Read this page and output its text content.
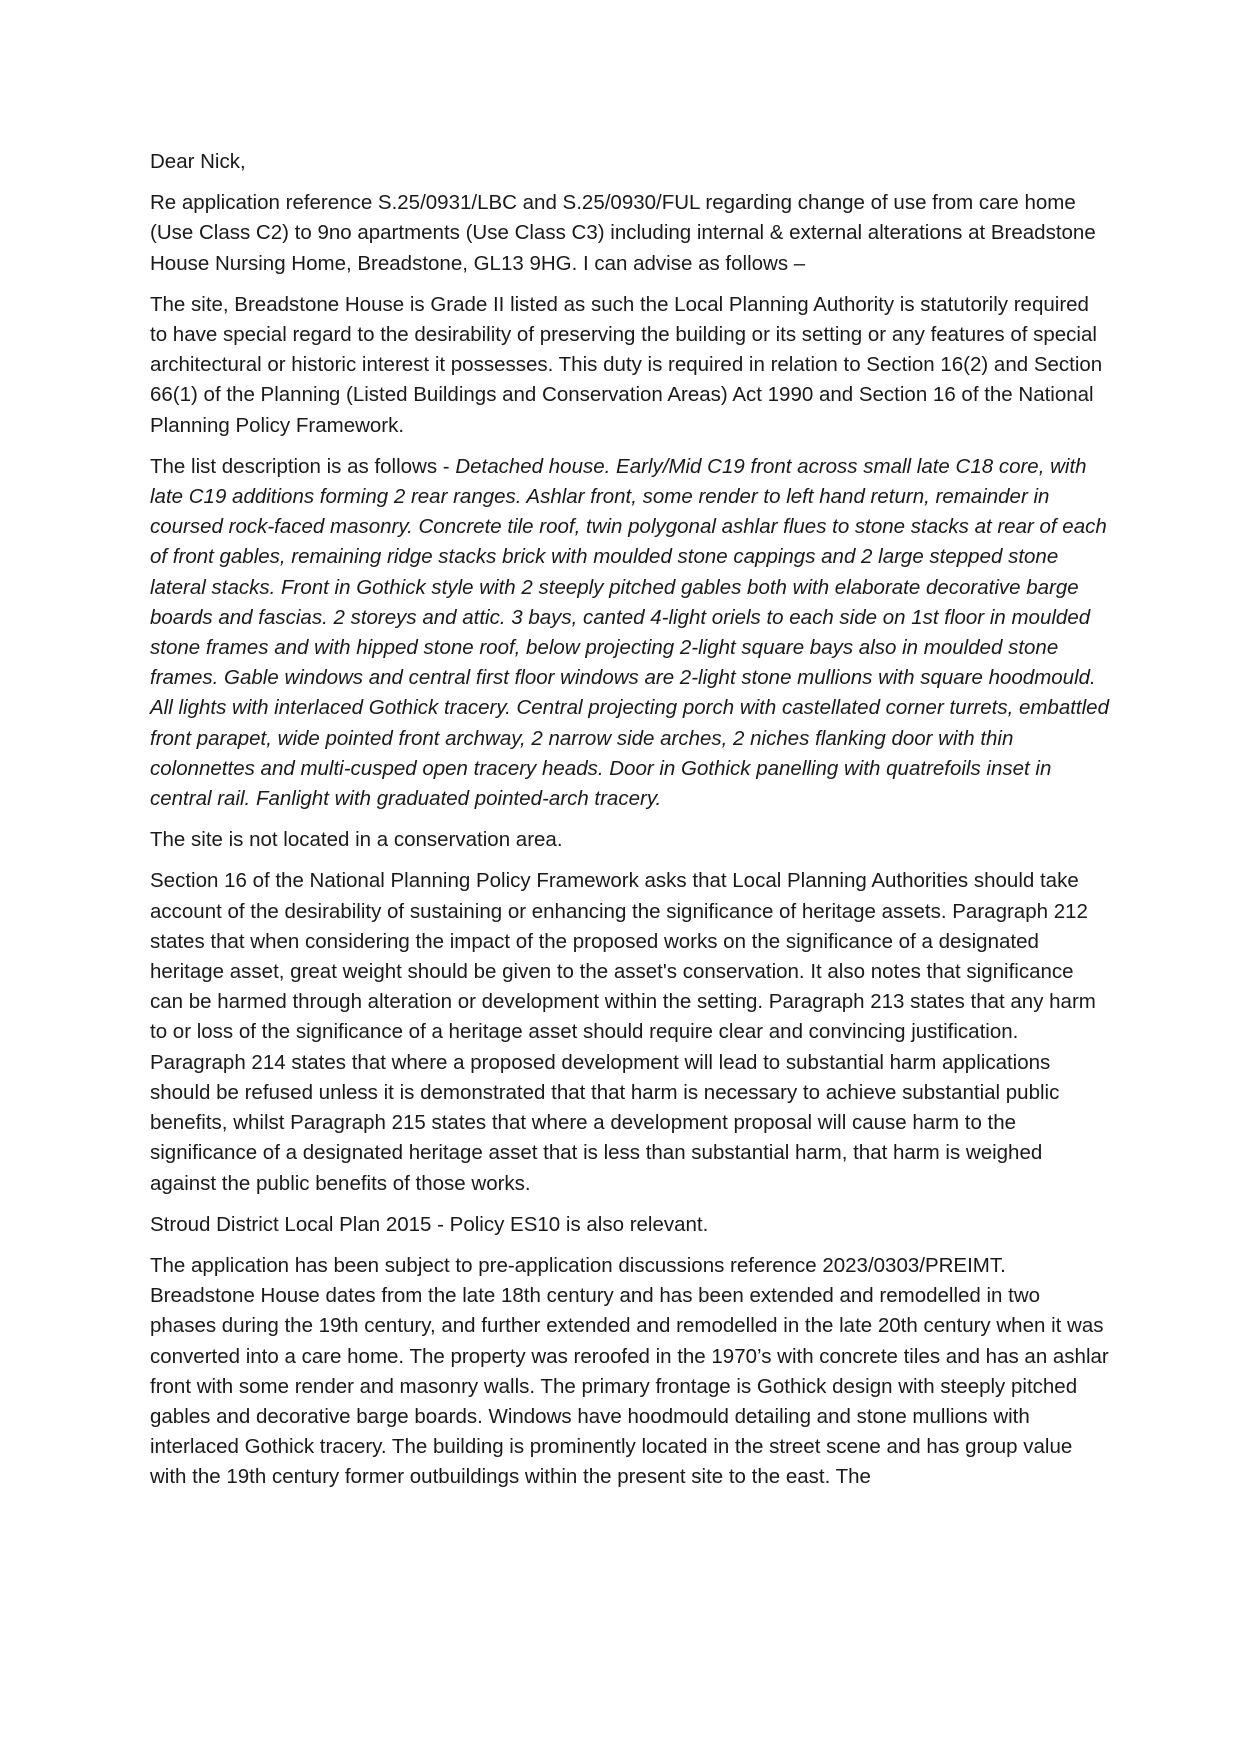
Dear Nick,

Re application reference S.25/0931/LBC and S.25/0930/FUL regarding change of use from care home (Use Class C2) to 9no apartments (Use Class C3) including internal & external alterations at Breadstone House Nursing Home, Breadstone, GL13 9HG. I can advise as follows –

The site, Breadstone House is Grade II listed as such the Local Planning Authority is statutorily required to have special regard to the desirability of preserving the building or its setting or any features of special architectural or historic interest it possesses. This duty is required in relation to Section 16(2) and Section 66(1) of the Planning (Listed Buildings and Conservation Areas) Act 1990 and Section 16 of the National Planning Policy Framework.

The list description is as follows - Detached house. Early/Mid C19 front across small late C18 core, with late C19 additions forming 2 rear ranges. Ashlar front, some render to left hand return, remainder in coursed rock-faced masonry. Concrete tile roof, twin polygonal ashlar flues to stone stacks at rear of each of front gables, remaining ridge stacks brick with moulded stone cappings and 2 large stepped stone lateral stacks. Front in Gothick style with 2 steeply pitched gables both with elaborate decorative barge boards and fascias. 2 storeys and attic. 3 bays, canted 4-light oriels to each side on 1st floor in moulded stone frames and with hipped stone roof, below projecting 2-light square bays also in moulded stone frames. Gable windows and central first floor windows are 2-light stone mullions with square hoodmould. All lights with interlaced Gothick tracery. Central projecting porch with castellated corner turrets, embattled front parapet, wide pointed front archway, 2 narrow side arches, 2 niches flanking door with thin colonnettes and multi-cusped open tracery heads. Door in Gothick panelling with quatrefoils inset in central rail. Fanlight with graduated pointed-arch tracery.

The site is not located in a conservation area.

Section 16 of the National Planning Policy Framework asks that Local Planning Authorities should take account of the desirability of sustaining or enhancing the significance of heritage assets. Paragraph 212 states that when considering the impact of the proposed works on the significance of a designated heritage asset, great weight should be given to the asset's conservation. It also notes that significance can be harmed through alteration or development within the setting. Paragraph 213 states that any harm to or loss of the significance of a heritage asset should require clear and convincing justification. Paragraph 214 states that where a proposed development will lead to substantial harm applications should be refused unless it is demonstrated that that harm is necessary to achieve substantial public benefits, whilst Paragraph 215 states that where a development proposal will cause harm to the significance of a designated heritage asset that is less than substantial harm, that harm is weighed against the public benefits of those works.

Stroud District Local Plan 2015 - Policy ES10 is also relevant.

The application has been subject to pre-application discussions reference 2023/0303/PREIMT. Breadstone House dates from the late 18th century and has been extended and remodelled in two phases during the 19th century, and further extended and remodelled in the late 20th century when it was converted into a care home. The property was reroofed in the 1970’s with concrete tiles and has an ashlar front with some render and masonry walls. The primary frontage is Gothick design with steeply pitched gables and decorative barge boards. Windows have hoodmould detailing and stone mullions with interlaced Gothick tracery. The building is prominently located in the street scene and has group value with the 19th century former outbuildings within the present site to the east. The
